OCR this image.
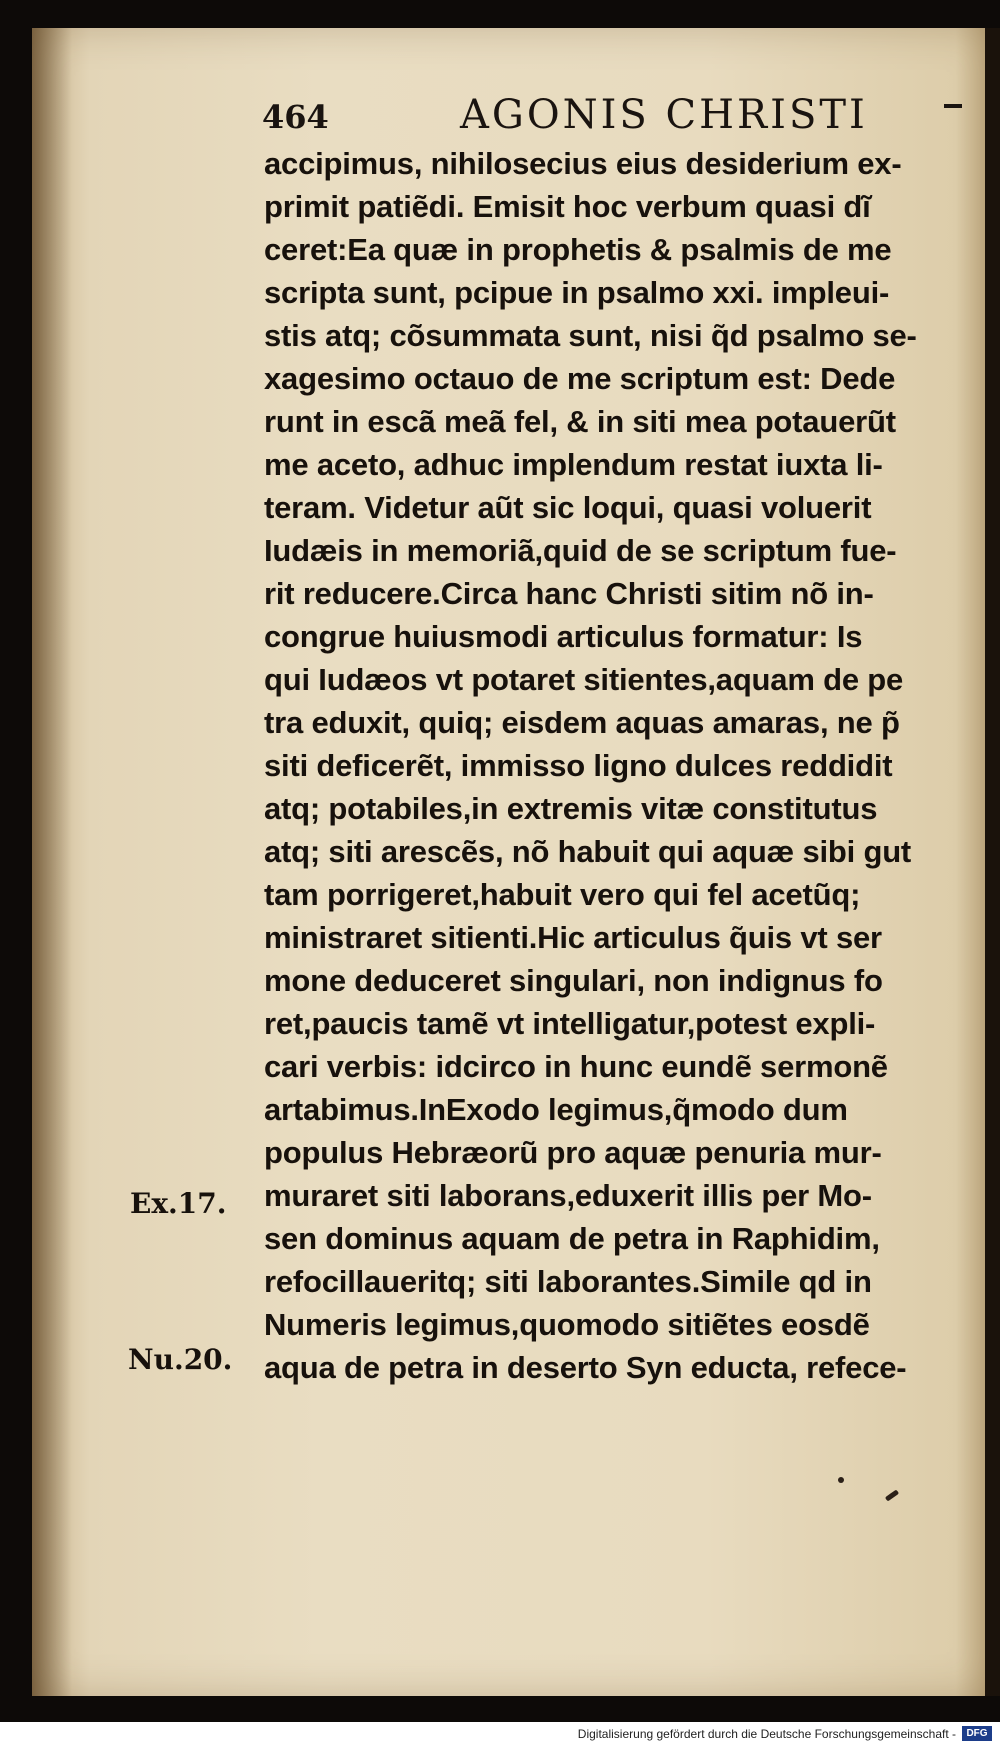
464	AGONIS CHRISTI
accipimus, nihilosecius eius desiderium ex‑
primit patiẽdi. Emisit hoc verbum quasi dĩ
ceret:Ea quæ in prophetis & psalmis de me
scripta sunt, pcipue in psalmo xxi. impleui‑
stis atq; cõsummata sunt, nisi q̃d psalmo se‑
xagesimo octauo de me scriptum est: Dede
runt in escã meã fel, & in siti mea potauerũt
me aceto, adhuc implendum restat iuxta li‑
teram. Videtur aũt sic loqui, quasi voluerit
Iudæis in memoriã,quid de se scriptum fue‑
rit reducere.Circa hanc Christi sitim nõ in‑
congrue huiusmodi articulus formatur: Is
qui Iudæos vt potaret sitientes,aquam de pe
tra eduxit, quiq; eisdem aquas amaras, ne p̃
siti deficerẽt, immisso ligno dulces reddidit
atq; potabiles,in extremis vitæ constitutus
atq; siti arescẽs, nõ habuit qui aquæ sibi gut
tam porrigeret,habuit vero qui fel acetũq;
ministraret sitienti.Hic articulus q̃uis vt ser
mone deduceret singulari, non indignus fo
ret,paucis tamẽ vt intelligatur,potest expli‑
cari verbis: idcirco in hunc eundẽ sermonẽ
artabimus.InExodo legimus,q̃modo dum
populus Hebræorũ pro aquæ penuria mur‑
muraret siti laborans,eduxerit illis per Mo‑
sen dominus aquam de petra in Raphidim,
refocillaueritq; siti laborantes.Simile qd in
Numeris legimus,quomodo sitiẽtes eosdẽ
aqua de petra in deserto Syn educta, refece‑
Ex.17.
Nu.20.
Digitalisierung gefördert durch die Deutsche Forschungsgemeinschaft -	DFG
